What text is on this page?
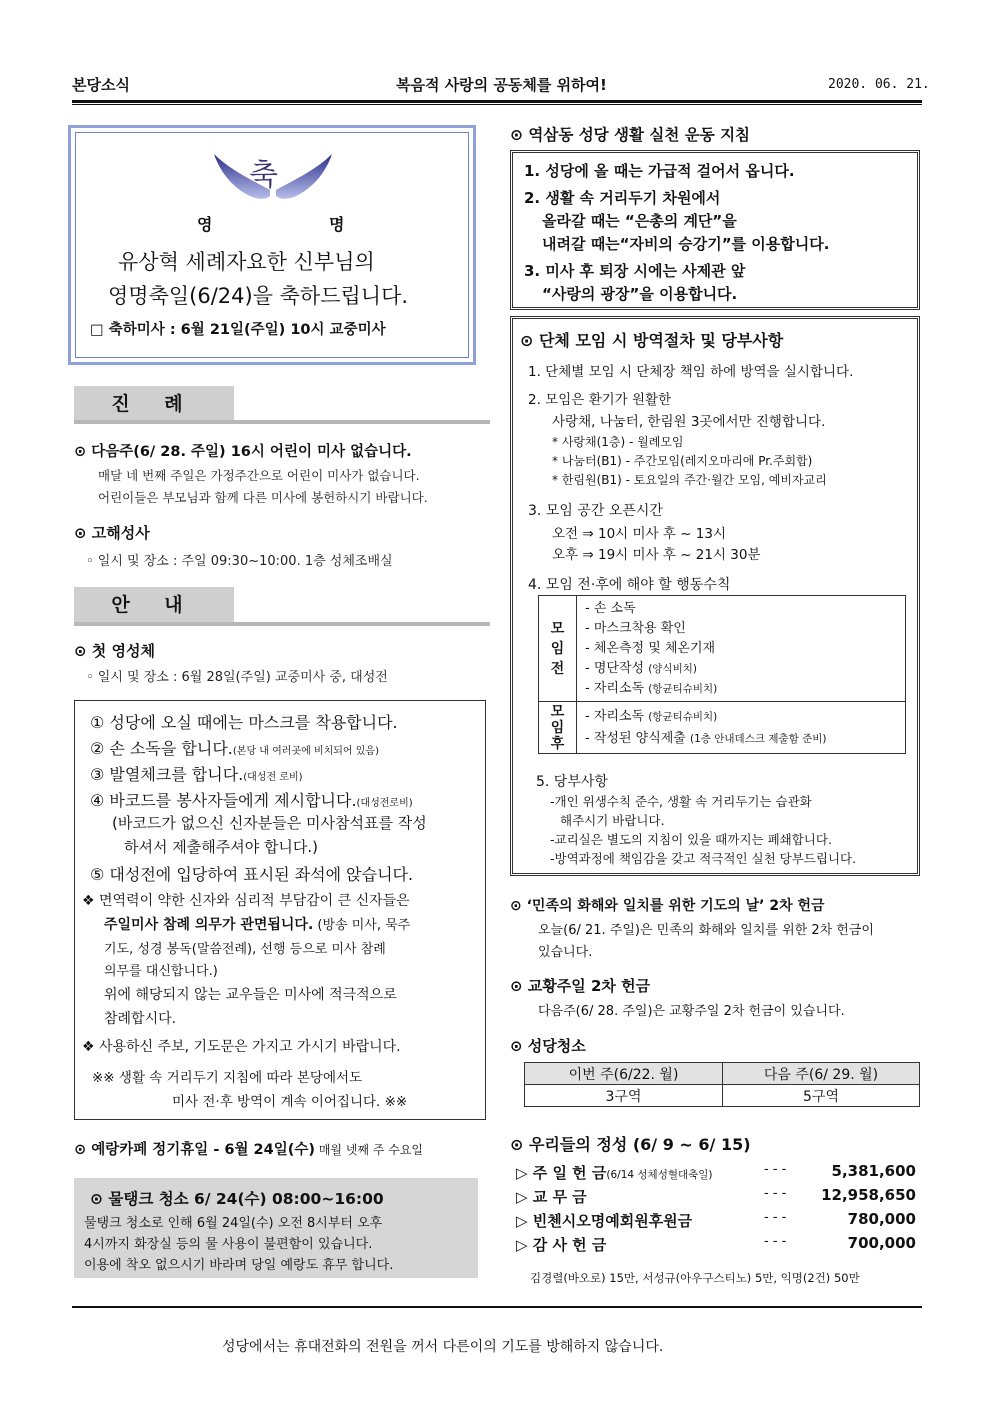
본당소식	복음적 사랑의 공동체를 위하여!	2020. 06. 21.
축
영	명
유상혁 세례자요한 신부님의
영명축일(6/24)을 축하드립니다.
□ 축하미사 : 6월 21일(주일) 10시 교중미사
진 례
⊙ 다음주(6/ 28. 주일) 16시 어린이 미사 없습니다.
매달 네 번째 주일은 가정주간으로 어린이 미사가 없습니다.
어린이들은 부모님과 함께 다른 미사에 봉헌하시기 바랍니다.
⊙ 고해성사
◦ 일시 및 장소 : 주일 09:30~10:00. 1층 성체조배실
안 내
⊙ 첫 영성체
◦ 일시 및 장소 : 6월 28일(주일) 교중미사 중, 대성전
① 성당에 오실 때에는 마스크를 착용합니다.
② 손 소독을 합니다.(본당 내 여러곳에 비치되어 있음)
③ 발열체크를 합니다.(대성전 로비)
④ 바코드를 봉사자들에게 제시합니다.(대성전로비)
(바코드가 없으신 신자분들은 미사참석표를 작성
하셔서 제출해주셔야 합니다.)
⑤ 대성전에 입당하여 표시된 좌석에 앉습니다.
❖ 면역력이 약한 신자와 심리적 부담감이 큰 신자들은
주일미사 참례 의무가 관면됩니다. (방송 미사, 묵주
기도, 성경 봉독(말씀전례), 선행 등으로 미사 참례
의무를 대신합니다.)
위에 해당되지 않는 교우들은 미사에 적극적으로
참례합시다.
❖ 사용하신 주보, 기도문은 가지고 가시기 바랍니다.
※※ 생활 속 거리두기 지침에 따라 본당에서도
미사 전·후 방역이 계속 이어집니다. ※※
⊙ 예랑카페 정기휴일 - 6월 24일(수) 매월 넷째 주 수요일
⊙ 물탱크 청소 6/ 24(수) 08:00~16:00
물탱크 청소로 인해 6월 24일(수) 오전 8시부터 오후
4시까지 화장실 등의 물 사용이 불편함이 있습니다.
이용에 착오 없으시기 바라며 당일 예랑도 휴무 합니다.
⊙ 역삼동 성당 생활 실천 운동 지침
1. 성당에 올 때는 가급적 걸어서 옵니다.
2. 생활 속 거리두기 차원에서
올라갈 때는 “은총의 계단”을
내려갈 때는“자비의 승강기”를 이용합니다.
3. 미사 후 퇴장 시에는 사제관 앞
“사랑의 광장”을 이용합니다.
⊙ 단체 모임 시 방역절차 및 당부사항
1. 단체별 모임 시 단체장 책임 하에 방역을 실시합니다.
2. 모임은 환기가 원활한
사랑채, 나눔터, 한림원 3곳에서만 진행합니다.
* 사랑채(1층) - 월례모임
* 나눔터(B1) - 주간모임(레지오마리애 Pr.주회합)
* 한림원(B1) - 토요일의 주간·월간 모임, 예비자교리
3. 모임 공간 오픈시간
오전 ⇒ 10시 미사 후 ~ 13시
오후 ⇒ 19시 미사 후 ~ 21시 30분
4. 모임 전·후에 해야 할 행동수칙
모임전	- 손 소독
- 마스크착용 확인
- 체온측정 및 체온기재
- 명단작성 (양식비치)
- 자리소독 (항균티슈비치)

모임후	- 자리소독 (항균티슈비치)
- 작성된 양식제출 (1층 안내데스크 제출함 준비)
5. 당부사항
-개인 위생수칙 준수, 생활 속 거리두기는 습관화
해주시기 바랍니다.
-교리실은 별도의 지침이 있을 때까지는 폐쇄합니다.
-방역과정에 책임감을 갖고 적극적인 실천 당부드립니다.
⊙ ‘민족의 화해와 일치를 위한 기도의 날’ 2차 헌금
오늘(6/ 21. 주일)은 민족의 화해와 일치를 위한 2차 헌금이
있습니다.
⊙ 교황주일 2차 헌금
다음주(6/ 28. 주일)은 교황주일 2차 헌금이 있습니다.
⊙ 성당청소
이번 주(6/22. 월)	다음 주(6/ 29. 월)
3구역	5구역
⊙ 우리들의 정성 (6/ 9 ~ 6/ 15)
▷ 주 일 헌 금(6/14 성체성혈대축일)	- - -	5,381,600
▷ 교 무 금	- - - 12,958,650
▷ 빈첸시오명예회원후원금	- - -	780,000
▷ 감 사 헌 금	- - -	700,000
김경렬(바오로) 15만, 서성규(아우구스티노) 5만, 익명(2건) 50만
성당에서는 휴대전화의 전원을 꺼서 다른이의 기도를 방해하지 않습니다.
